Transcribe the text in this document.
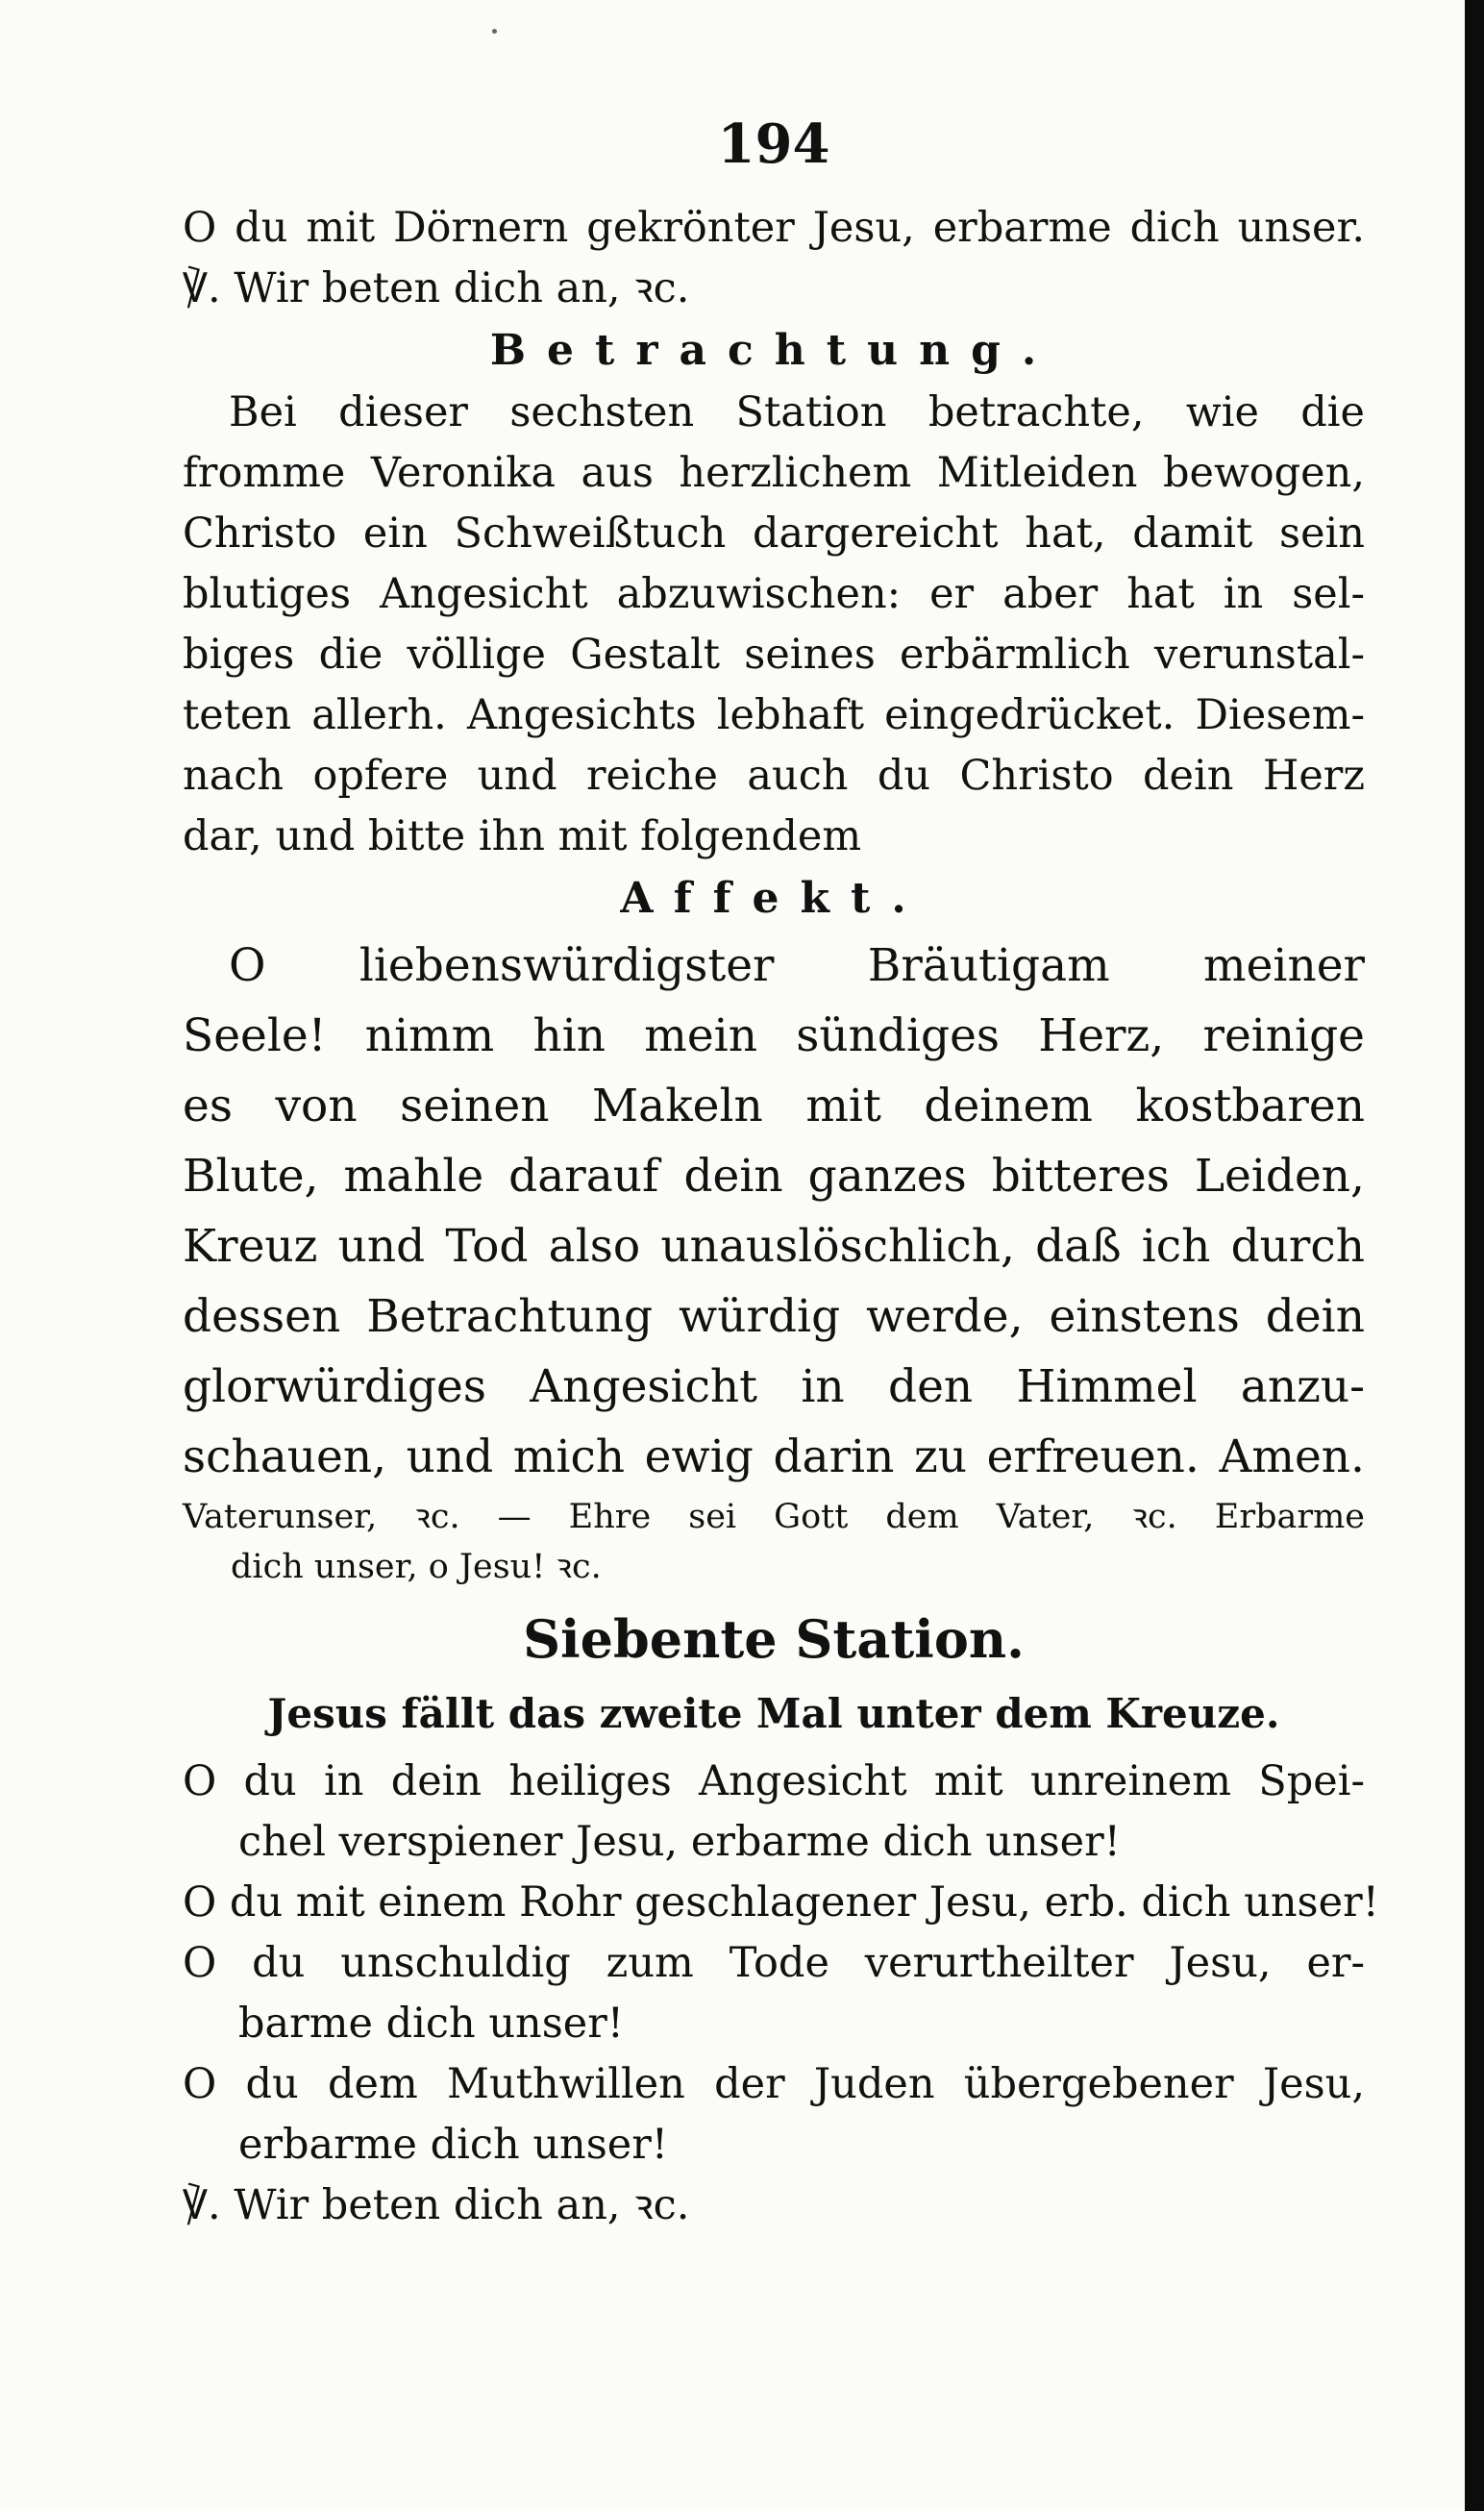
194
O du mit Dörnern gekrönter Jesu, erbarme dich unser.
℣. Wir beten dich an, ꝛc.
Betrachtung.
Bei dieser sechsten Station betrachte, wie die
fromme Veronika aus herzlichem Mitleiden bewogen,
Christo ein Schweißtuch dargereicht hat, damit sein
blutiges Angesicht abzuwischen: er aber hat in sel-
biges die völlige Gestalt seines erbärmlich verunstal-
teten allerh. Angesichts lebhaft eingedrücket. Diesem-
nach opfere und reiche auch du Christo dein Herz
dar, und bitte ihn mit folgendem
Affekt.
O liebenswürdigster Bräutigam meiner
Seele! nimm hin mein sündiges Herz, reinige
es von seinen Makeln mit deinem kostbaren
Blute, mahle darauf dein ganzes bitteres Leiden,
Kreuz und Tod also unauslöschlich, daß ich durch
dessen Betrachtung würdig werde, einstens dein
glorwürdiges Angesicht in den Himmel anzu-
schauen, und mich ewig darin zu erfreuen. Amen.
Vaterunser, ꝛc. — Ehre sei Gott dem Vater, ꝛc. Erbarme
dich unser, o Jesu! ꝛc.
Siebente Station.
Jesus fällt das zweite Mal unter dem Kreuze.
O du in dein heiliges Angesicht mit unreinem Spei-
chel verspiener Jesu, erbarme dich unser!
O du mit einem Rohr geschlagener Jesu, erb. dich unser!
O du unschuldig zum Tode verurtheilter Jesu, er-
barme dich unser!
O du dem Muthwillen der Juden übergebener Jesu,
erbarme dich unser!
℣. Wir beten dich an, ꝛc.
